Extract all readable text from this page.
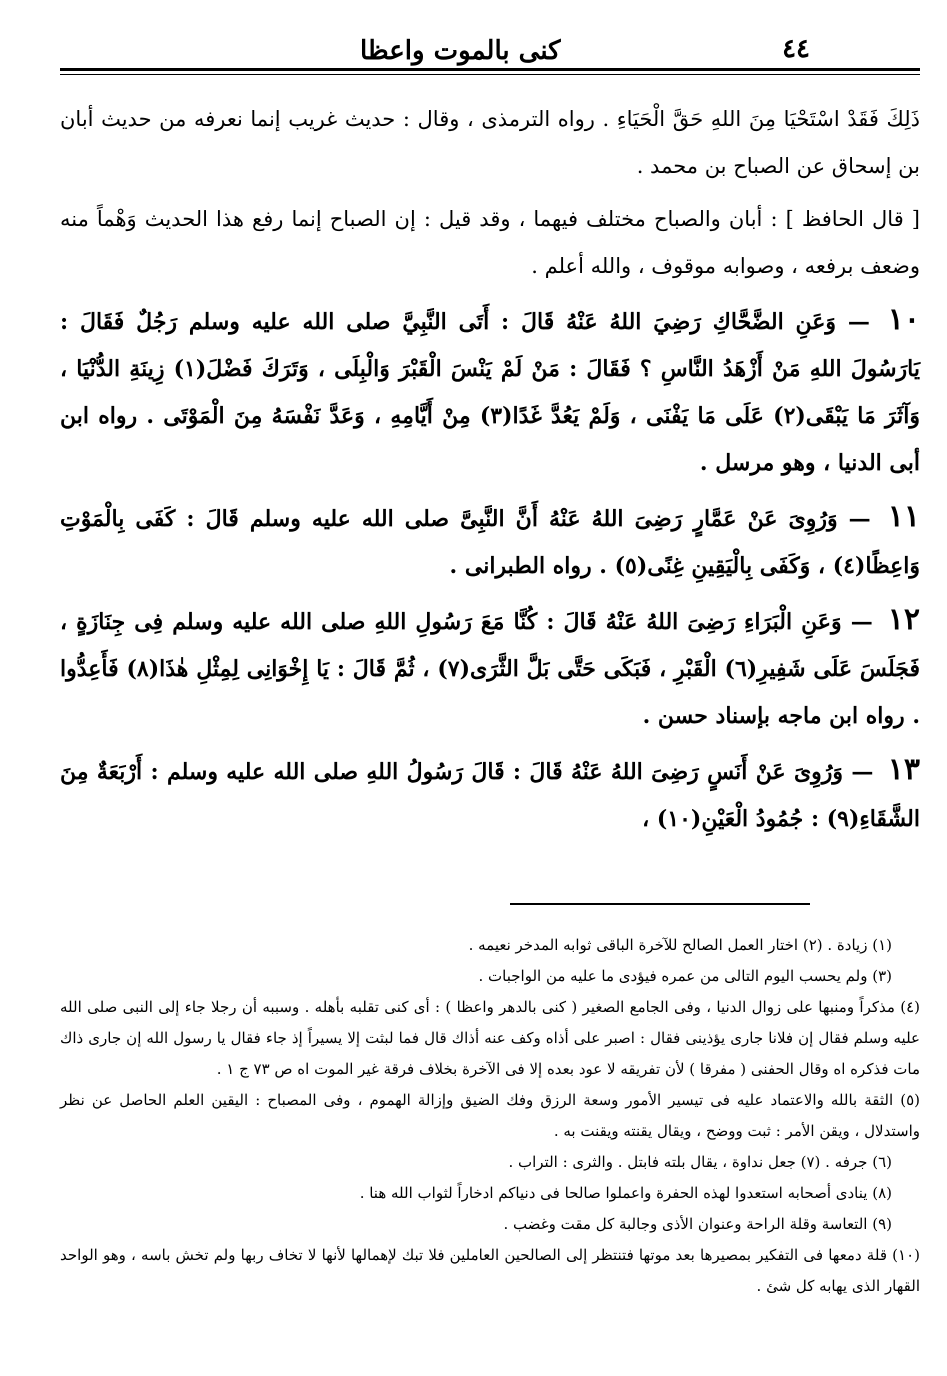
كنى بالموت واعظا	٤٤

ذَلِكَ فَقَدْ اسْتَحْيَا مِنَ اللهِ حَقَّ الْحَيَاءِ . رواه الترمذى ، وقال : حديث غريب إنما نعرفه من حديث أبان بن إسحاق عن الصباح بن محمد .

[ قال الحافظ ] : أبان والصباح مختلف فيهما ، وقد قيل : إن الصباح إنما رفع هذا الحديث وَهْماً منه وضعف برفعه ، وصوابه موقوف ، والله أعلم .

١٠ — وَعَنِ الضَّحَّاكِ رَضِيَ اللهُ عَنْهُ قَالَ : أَتَى النَّبِيَّ صلى الله عليه وسلم رَجُلٌ فَقَالَ : يَارَسُولَ اللهِ مَنْ أَزْهَدُ النَّاسِ ؟ فَقَالَ : مَنْ لَمْ يَنْسَ الْقَبْرَ وَالْبِلَى ، وَتَرَكَ فَضْلَ(١) زِينَةِ الدُّنْيَا ، وَآثَرَ مَا يَبْقَى(٢) عَلَى مَا يَفْنَى ، وَلَمْ يَعُدَّ غَدًا(٣) مِنْ أَيَّامِهِ ، وَعَدَّ نَفْسَهُ مِنَ الْمَوْتَى . رواه ابن أبى الدنيا ، وهو مرسل .

١١ — وَرُوِىَ عَنْ عَمَّارٍ رَضِىَ اللهُ عَنْهُ أَنَّ النَّبِىَّ صلى الله عليه وسلم قَالَ : كَفَى بِالْمَوْتِ وَاعِظًا(٤) ، وَكَفَى بِالْيَقِينِ غِنًى(٥) . رواه الطبرانى .

١٢ — وَعَنِ الْبَرَاءِ رَضِىَ اللهُ عَنْهُ قَالَ : كُنَّا مَعَ رَسُولِ اللهِ صلى الله عليه وسلم فِى جِنَازَةٍ ، فَجَلَسَ عَلَى شَفِيرِ(٦) الْقَبْرِ ، فَبَكَى حَتَّى بَلَّ الثَّرَى(٧) ، ثُمَّ قَالَ : يَا إِخْوَانِى لِمِثْلِ هٰذَا(٨) فَأَعِدُّوا . رواه ابن ماجه بإسناد حسن .

١٣ — وَرُوِىَ عَنْ أَنَسٍ رَضِىَ اللهُ عَنْهُ قَالَ : قَالَ رَسُولُ اللهِ صلى الله عليه وسلم : أَرْبَعَةٌ مِنَ الشَّقَاءِ(٩) : جُمُودُ الْعَيْنِ(١٠) ،

(١) زيادة . (٢) اختار العمل الصالح للآخرة الباقى ثوابه المدخر نعيمه .

(٣) ولم يحسب اليوم التالى من عمره فيؤدى ما عليه من الواجبات .

(٤) مذكراً ومنبها على زوال الدنيا ، وفى الجامع الصغير ( كنى بالدهر واعظا ) : أى كنى تقلبه بأهله . وسببه أن رجلا جاء إلى النبى صلى الله عليه وسلم فقال إن فلانا جارى يؤذينى فقال : اصبر على أذاه وكف عنه أذاك قال فما لبثت إلا يسيراً إذ جاء فقال يا رسول الله إن جارى ذاك مات فذكره اه وقال الحفنى ( مفرقا ) لأن تفريقه لا عود بعده إلا فى الآخرة بخلاف فرقة غير الموت اه ص ٧٣ ج ١ .

(٥) الثقة بالله والاعتماد عليه فى تيسير الأمور وسعة الرزق وفك الضيق وإزالة الهموم ، وفى المصباح : اليقين العلم الحاصل عن نظر واستدلال ، ويقن الأمر : ثبت ووضح ، ويقال يقنته ويقنت به .

(٦) جرفه . (٧) جعل نداوة ، يقال بلته فابتل . والثرى : التراب .

(٨) ينادى أصحابه استعدوا لهذه الحفرة واعملوا صالحا فى دنياكم ادخاراً لثواب الله هنا .

(٩) التعاسة وقلة الراحة وعنوان الأذى وجالبة كل مقت وغضب .

(١٠) قلة دمعها فى التفكير بمصيرها بعد موتها فتنتظر إلى الصالحين العاملين فلا تبك لإهمالها لأنها لا تخاف ربها ولم تخش باسه ، وهو الواحد القهار الذى يهابه كل شئ .
